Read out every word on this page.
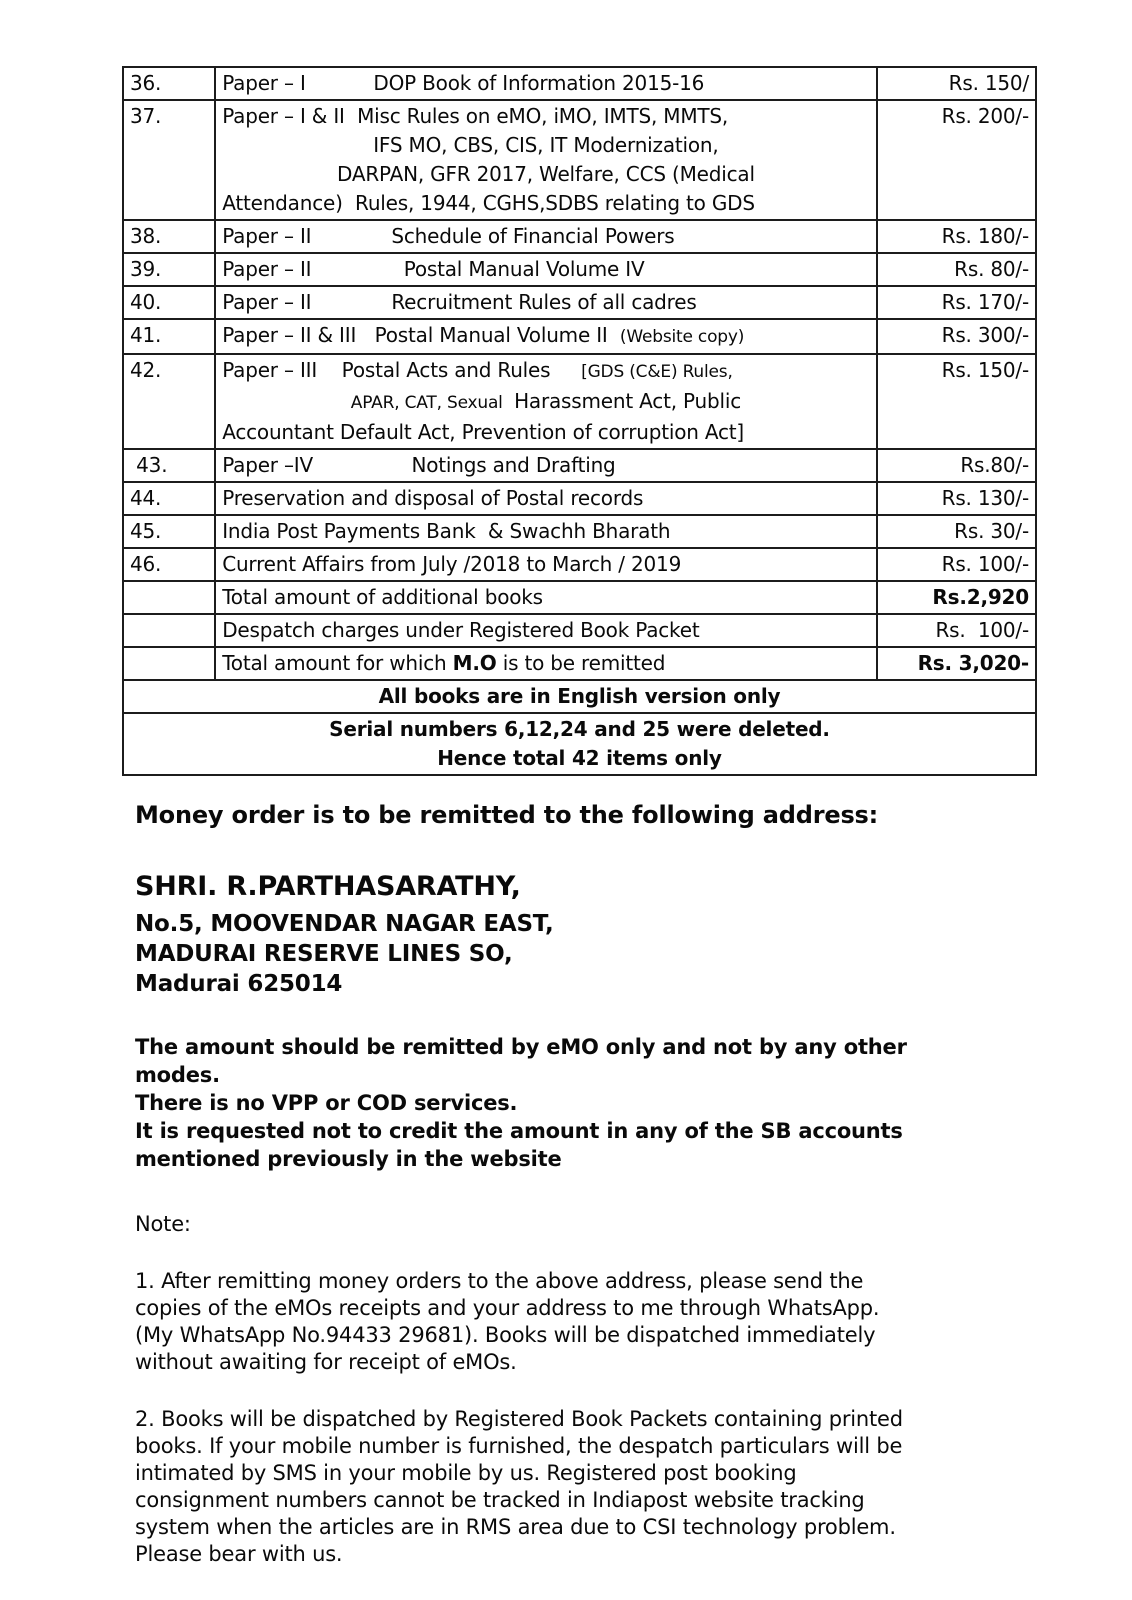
36.	Paper – I           DOP Book of Information 2015-16	Rs. 150/
37.	Paper – I & II  Misc Rules on eMO, iMO, IMTS, MMTS,
IFS MO, CBS, CIS, IT Modernization,
DARPAN, GFR 2017, Welfare, CCS (Medical
Attendance)  Rules, 1944, CGHS,SDBS relating to GDS	Rs. 200/-
38.	Paper – II             Schedule of Financial Powers	Rs. 180/-
39.	Paper – II               Postal Manual Volume IV	Rs. 80/-
40.	Paper – II             Recruitment Rules of all cadres	Rs. 170/-
41.	Paper – II & III   Postal Manual Volume II  (Website copy)	Rs. 300/-
42.	Paper – III    Postal Acts and Rules     [GDS (C&E) Rules,
APAR, CAT, Sexual  Harassment Act, Public
Accountant Default Act, Prevention of corruption Act]	Rs. 150/-
43.	Paper –IV                Notings and Drafting	Rs.80/-
44.	Preservation and disposal of Postal records	Rs. 130/-
45.	India Post Payments Bank  & Swachh Bharath	Rs. 30/-
46.	Current Affairs from July /2018 to March / 2019	Rs. 100/-

	Total amount of additional books	Rs.2,920

	Despatch charges under Registered Book Packet	Rs.  100/-

	Total amount for which M.O is to be remitted	Rs. 3,020-

All books are in English version only		

Serial numbers 6,12,24 and 25 were deleted.
Hence total 42 items only		
Money order is to be remitted to the following address:
SHRI. R.PARTHASARATHY,
No.5, MOOVENDAR NAGAR EAST,
MADURAI RESERVE LINES SO,
Madurai 625014
The amount should be remitted by eMO only and not by any other
modes.
There is no VPP or COD services.
It is requested not to credit the amount in any of the SB accounts
mentioned previously in the website
Note:
1. After remitting money orders to the above address, please send the
copies of the eMOs receipts and your address to me through WhatsApp.
(My WhatsApp No.94433 29681). Books will be dispatched immediately
without awaiting for receipt of eMOs.
2. Books will be dispatched by Registered Book Packets containing printed
books. If your mobile number is furnished, the despatch particulars will be
intimated by SMS in your mobile by us. Registered post booking
consignment numbers cannot be tracked in Indiapost website tracking
system when the articles are in RMS area due to CSI technology problem.
Please bear with us.
